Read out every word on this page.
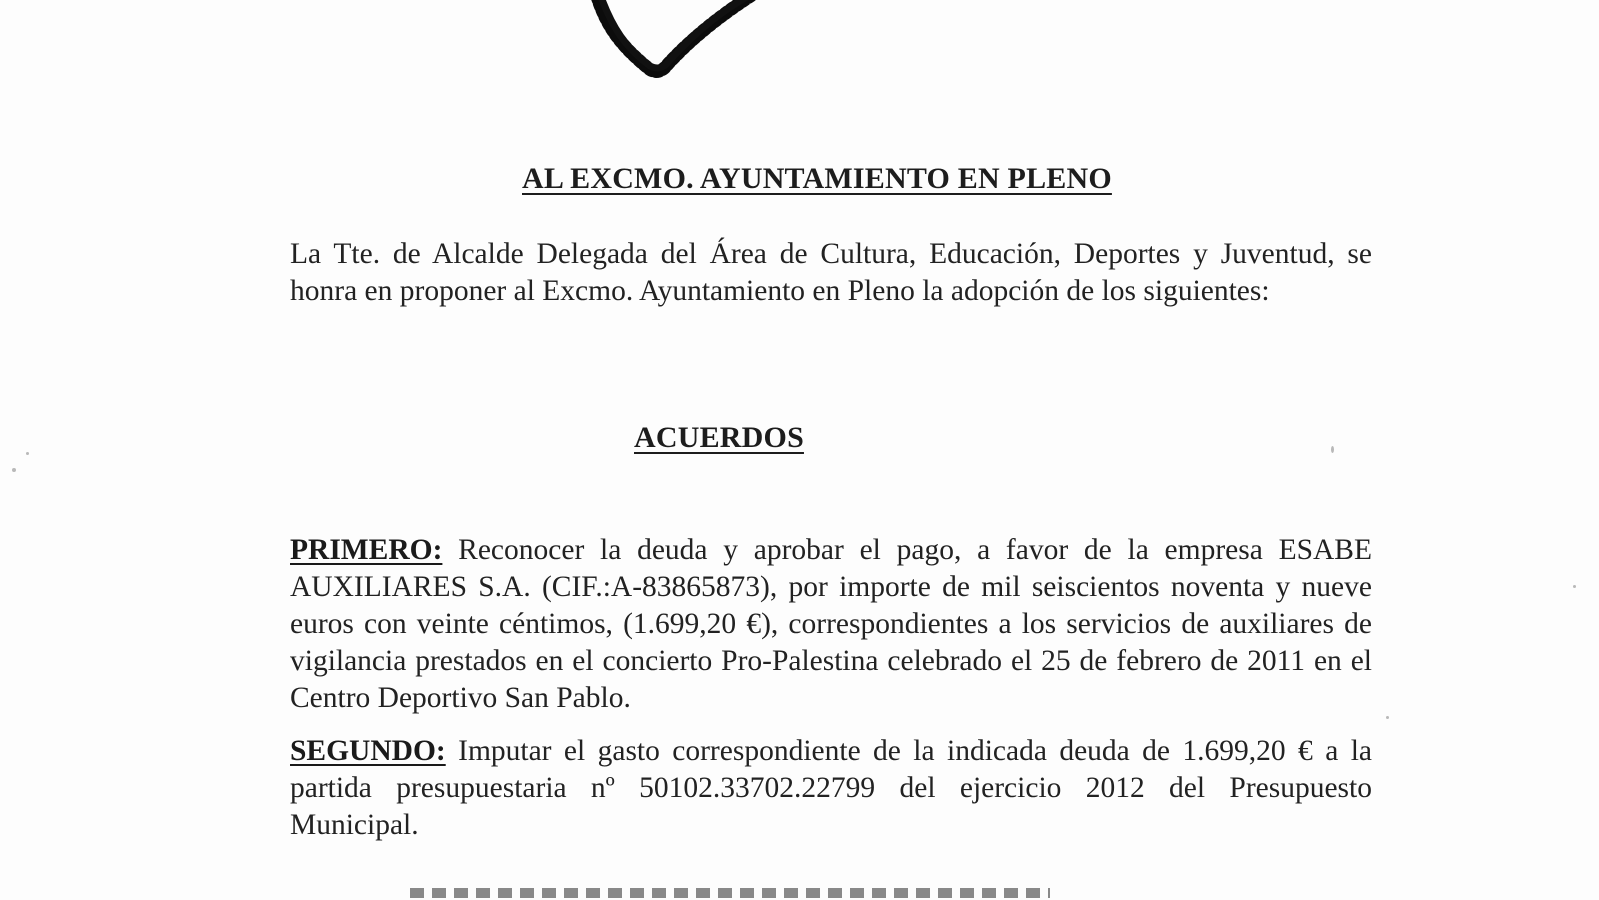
AL EXCMO. AYUNTAMIENTO EN PLENO

La Tte. de Alcalde Delegada del Área de Cultura, Educación, Deportes y Juventud, se honra en proponer al Excmo. Ayuntamiento en Pleno la adopción de los siguientes:

ACUERDOS

PRIMERO: Reconocer la deuda y aprobar el pago, a favor de la empresa ESABE AUXILIARES S.A. (CIF.:A-83865873), por importe de mil seiscientos noventa y nueve euros con veinte céntimos, (1.699,20 €), correspondientes a los servicios de auxiliares de vigilancia prestados en el concierto Pro-Palestina celebrado el 25 de febrero de 2011 en el Centro Deportivo San Pablo.

SEGUNDO: Imputar el gasto correspondiente de la indicada deuda de 1.699,20 € a la partida presupuestaria nº 50102.33702.22799 del ejercicio 2012 del Presupuesto Municipal.
